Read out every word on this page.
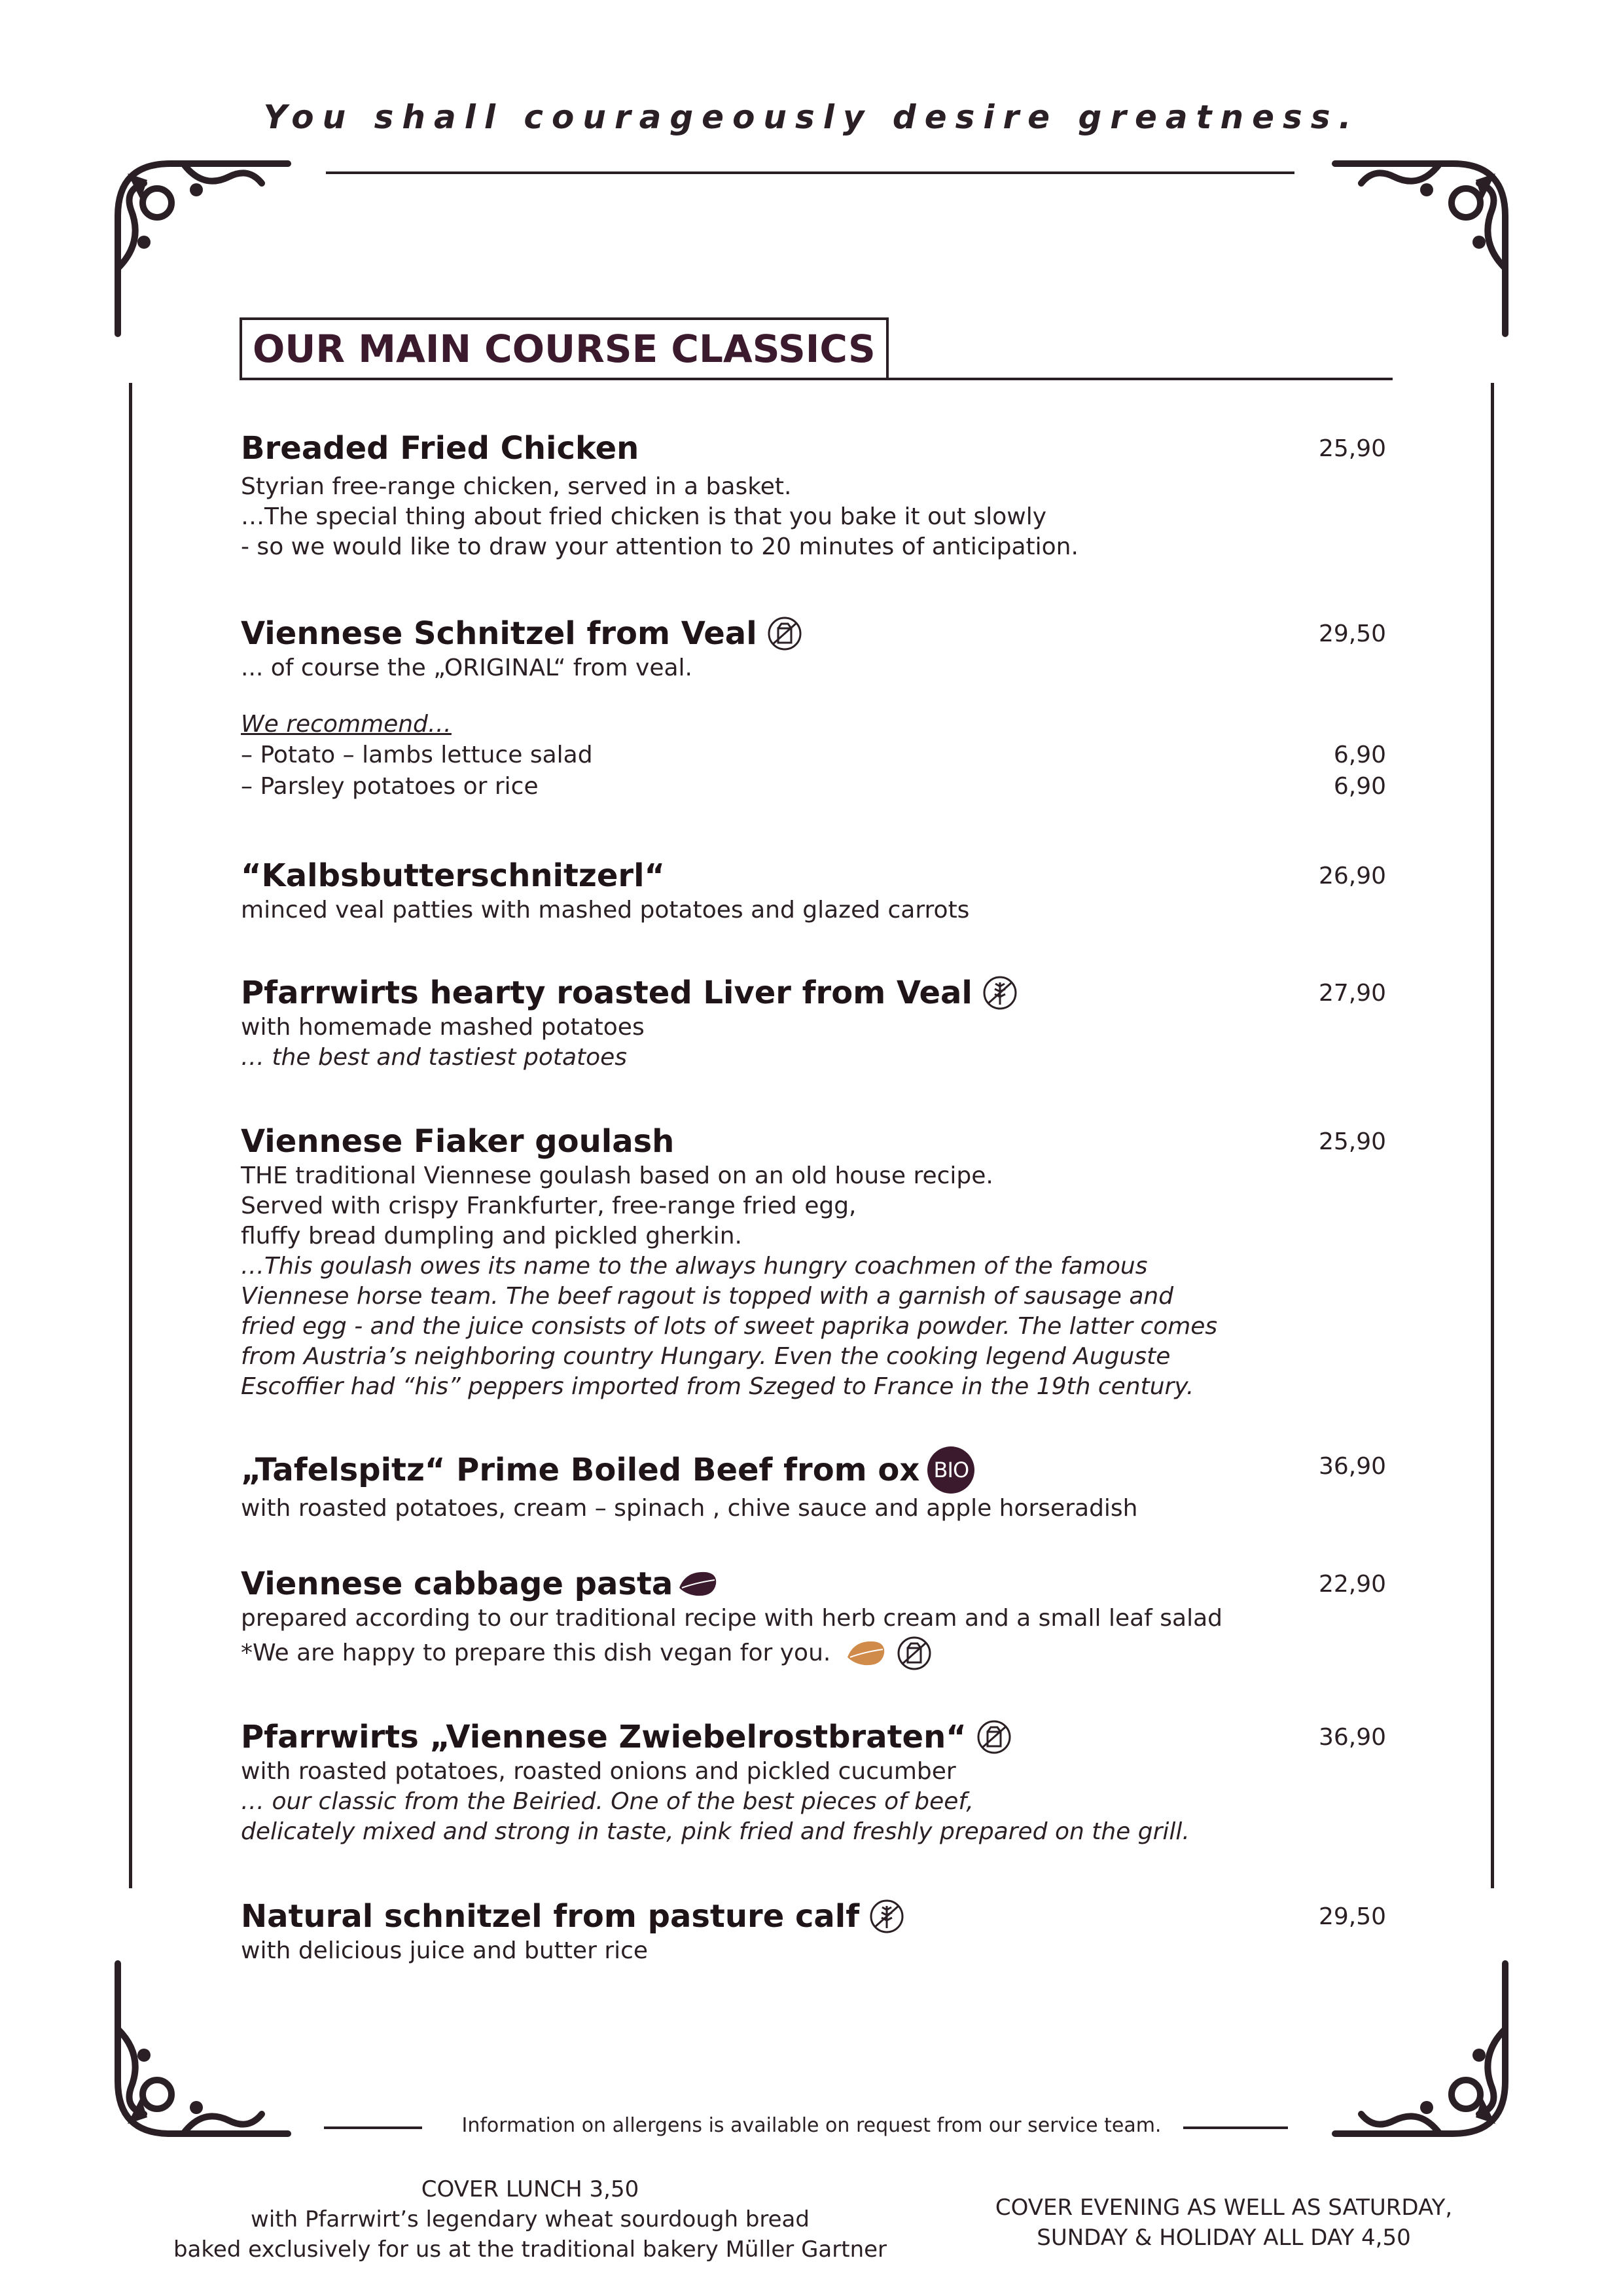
You shall courageously desire greatness.
OUR MAIN COURSE CLASSICS
Breaded Fried Chicken	25,90
Styrian free-range chicken, served in a basket.
…The special thing about fried chicken is that you bake it out slowly
- so we would like to draw your attention to 20 minutes of anticipation.
Viennese Schnitzel from Veal	29,50
... of course the „ORIGINAL“ from veal.
We recommend…
– Potato – lambs lettuce salad	6,90
– Parsley potatoes or rice	6,90
“Kalbsbutterschnitzerl“	26,90
minced veal patties with mashed potatoes and glazed carrots
Pfarrwirts hearty roasted Liver from Veal	27,90
with homemade mashed potatoes
… the best and tastiest potatoes
Viennese Fiaker goulash	25,90
THE traditional Viennese goulash based on an old house recipe.
Served with crispy Frankfurter, free-range fried egg,
fluffy bread dumpling and pickled gherkin.
…This goulash owes its name to the always hungry coachmen of the famous
Viennese horse team. The beef ragout is topped with a garnish of sausage and
fried egg - and the juice consists of lots of sweet paprika powder. The latter comes
from Austria’s neighboring country Hungary. Even the cooking legend Auguste
Escoffier had “his” peppers imported from Szeged to France in the 19th century.
„Tafelspitz“ Prime Boiled Beef from ox BIO	36,90
with roasted potatoes, cream – spinach , chive sauce and apple horseradish
Viennese cabbage pasta	22,90
prepared according to our traditional recipe with herb cream and a small leaf salad
*We are happy to prepare this dish vegan for you.
Pfarrwirts „Viennese Zwiebelrostbraten“	36,90
with roasted potatoes, roasted onions and pickled cucumber
… our classic from the Beiried. One of the best pieces of beef,
delicately mixed and strong in taste, pink fried and freshly prepared on the grill.
Natural schnitzel from pasture calf	29,50
with delicious juice and butter rice
Information on allergens is available on request from our service team.
COVER LUNCH 3,50
with Pfarrwirt’s legendary wheat sourdough bread
baked exclusively for us at the traditional bakery Müller Gartner
COVER EVENING AS WELL AS SATURDAY,
SUNDAY & HOLIDAY ALL DAY 4,50
